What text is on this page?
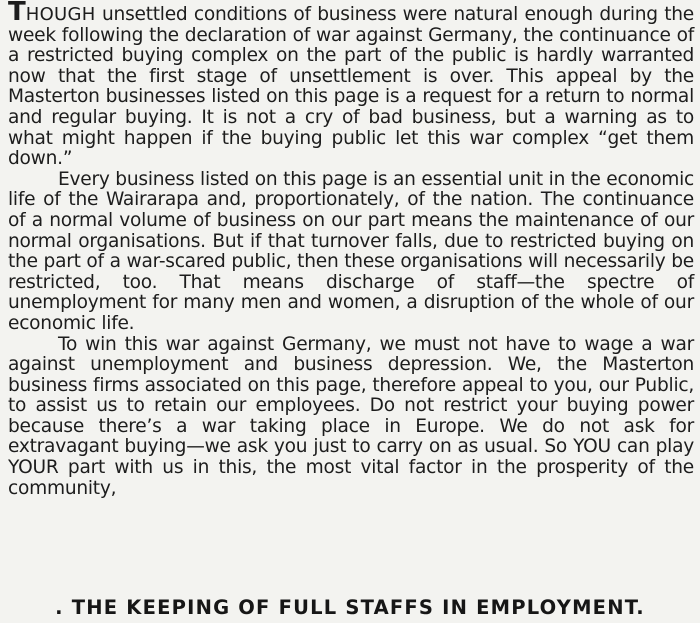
THOUGH unsettled conditions of business were natural enough during the week following the declaration of war against Germany, the continuance of a restricted buying complex on the part of the public is hardly warranted now that the first stage of unsettlement is over. This appeal by the Masterton businesses listed on this page is a request for a return to normal and regular buying. It is not a cry of bad business, but a warning as to what might happen if the buying public let this war complex “get them down.”

Every business listed on this page is an essential unit in the economic life of the Wairarapa and, proportionately, of the nation. The continuance of a normal volume of business on our part means the maintenance of our normal organisations. But if that turnover falls, due to restricted buying on the part of a war-scared public, then these organisations will necessarily be restricted, too. That means discharge of staff—the spectre of unemployment for many men and women, a disruption of the whole of our economic life.

To win this war against Germany, we must not have to wage a war against unemployment and business depression. We, the Masterton business firms associated on this page, therefore appeal to you, our Public, to assist us to retain our employees. Do not restrict your buying power because there’s a war taking place in Europe. We do not ask for extravagant buying—we ask you just to carry on as usual. So YOU can play YOUR part with us in this, the most vital factor in the prosperity of the community,

. THE KEEPING OF FULL STAFFS IN EMPLOYMENT.
